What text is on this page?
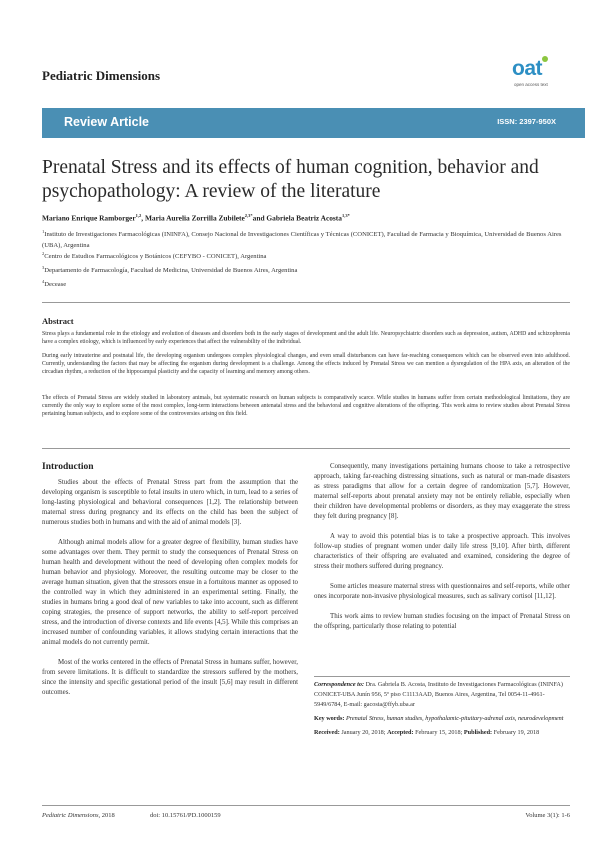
Pediatric Dimensions	oat
open access text
Review Article	ISSN: 2397-950X
Prenatal Stress and its effects of human cognition, behavior and psychopathology: A review of the literature
Mariano Enrique Ramborger$^{1,2}$, Maria Aurelia Zorrilla Zubilete$^{2,3*}$and Gabriela Beatriz Acosta$^{1,3*}$
$^1$Instituto de Investigaciones Farmacológicas (ININFA), Consejo Nacional de Investigaciones Científicas y Técnicas (CONICET), Facultad de Farmacia y Bioquímica, Universidad de Buenos Aires (UBA), Argentina
$^2$Centro de Estudios Farmacológicos y Botánicos (CEFYBO - CONICET), Argentina
$^3$Departamento de Farmacología, Facultad de Medicina, Universidad de Buenos Aires, Argentina
$^4$Decease
Abstract
Stress plays a fundamental role in the etiology and evolution of diseases and disorders both in the early stages of development and the adult life. Neuropsychiatric disorders such as depression, autism, ADHD and schizophrenia have a complex etiology, which is influenced by early experiences that affect the vulnerability of the individual.
During early intrauterine and postnatal life, the developing organism undergoes complex physiological changes, and even small disturbances can have far-reaching consequences which can be observed even into adulthood. Currently, understanding the factors that may be affecting the organism during development is a challenge. Among the effects induced by Prenatal Stress we can mention a dysregulation of the HPA axis, an alteration of the circadian rhythm, a reduction of the hippocampal plasticity and the capacity of learning and memory among others.
The effects of Prenatal Stress are widely studied in laboratory animals, but systematic research on human subjects is comparatively scarce. While studies in humans suffer from certain methodological limitations, they are currently the only way to explore some of the most complex, long-term interactions between antenatal stress and the behavioral and cognitive alterations of the offspring. This work aims to review studies about Prenatal Stress pertaining human subjects, and to explore some of the controversies arising on this field.
Introduction

Studies about the effects of Prenatal Stress part from the assumption that the developing organism is susceptible to fetal insults in utero which, in turn, lead to a series of long-lasting physiological and behavioral consequences [1,2]. The relationship between maternal stress during pregnancy and its effects on the child has been the subject of numerous studies both in humans and with the aid of animal models [3].

Although animal models allow for a greater degree of flexibility, human studies have some advantages over them. They permit to study the consequences of Prenatal Stress on human health and development without the need of developing often complex models for human behavior and physiology. Moreover, the resulting outcome may be closer to the average human situation, given that the stressors ensue in a fortuitous manner as opposed to the controlled way in which they administered in an experimental setting. Finally, the studies in humans bring a good deal of new variables to take into account, such as different coping strategies, the presence of support networks, the ability to self-report perceived stress, and the introduction of diverse contexts and life events [4,5]. While this comprises an increased number of confounding variables, it allows studying certain interactions that the animal models do not currently permit.

Most of the works centered in the effects of Prenatal Stress in humans suffer, however, from severe limitations. It is difficult to standardize the stressors suffered by the mothers, since the intensity and specific gestational period of the insult [5,6] may result in different outcomes.

Consequently, many investigations pertaining humans choose to take a retrospective approach, taking far-reaching distressing situations, such as natural or man-made disasters as stress paradigms that allow for a certain degree of randomization [5,7]. However, maternal self-reports about prenatal anxiety may not be entirely reliable, especially when their children have developmental problems or disorders, as they may exaggerate the stress they felt during pregnancy [8].

A way to avoid this potential bias is to take a prospective approach. This involves follow-up studies of pregnant women under daily life stress [9,10]. After birth, different characteristics of their offspring are evaluated and examined, considering the degree of stress their mothers suffered during pregnancy.

Some articles measure maternal stress with questionnaires and self-reports, while other ones incorporate non-invasive physiological measures, such as salivary cortisol [11,12].

This work aims to review human studies focusing on the impact of Prenatal Stress on the offspring, particularly those relating to potential

Correspondence to: Dra. Gabriela B. Acosta, Instituto de Investigaciones Farmacológicas (ININFA) CONICET-UBA Junín 956, 5º piso C1113AAD, Buenos Aires, Argentina, Tel 0054-11-4961-5949/6784, E-mail: gacosta@ffyb.uba.ar
Key words: Prenatal Stress, human studies, hypothalamic-pituitary-adrenal axis, neurodevelopment
Received: January 20, 2018; Accepted: February 15, 2018; Published: February 19, 2018
Pediatric Dimensions, 2018	doi: 10.15761/PD.1000159	Volume 3(1): 1-6
